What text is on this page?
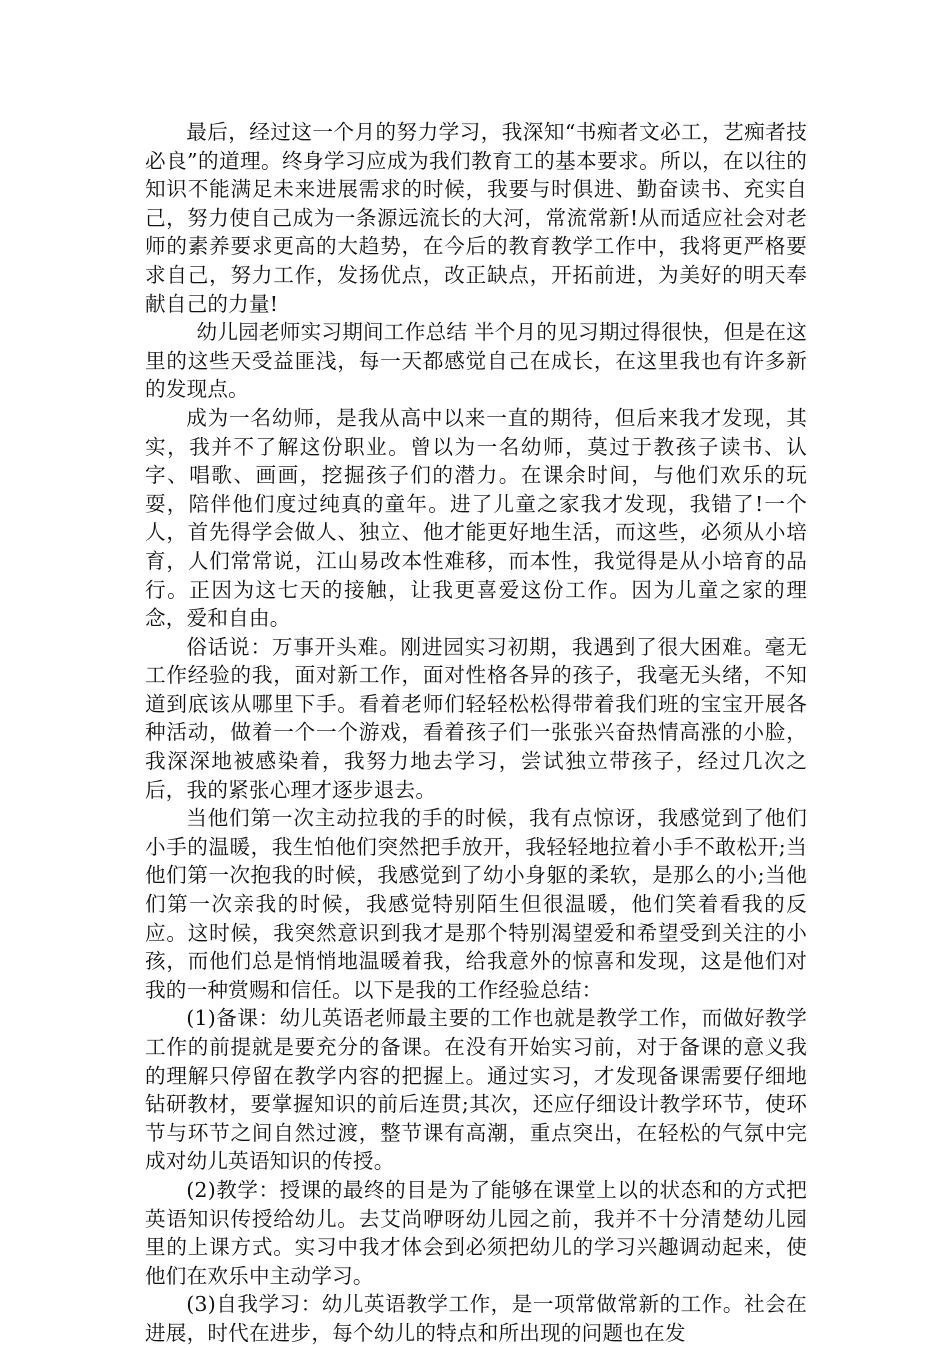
最后，经过这一个月的努力学习，我深知“书痴者文必工，艺痴者技必良”的道理。终身学习应成为我们教育工的基本要求。所以，在以往的知识不能满足未来进展需求的时候，我要与时俱进、勤奋读书、充实自己，努力使自己成为一条源远流长的大河，常流常新!从而适应社会对老师的素养要求更高的大趋势，在今后的教育教学工作中，我将更严格要求自己，努力工作，发扬优点，改正缺点，开拓前进，为美好的明天奉献自己的力量!

幼儿园老师实习期间工作总结 半个月的见习期过得很快，但是在这里的这些天受益匪浅，每一天都感觉自己在成长，在这里我也有许多新的发现点。

成为一名幼师，是我从高中以来一直的期待，但后来我才发现，其实，我并不了解这份职业。曾以为一名幼师，莫过于教孩子读书、认字、唱歌、画画，挖掘孩子们的潜力。在课余时间，与他们欢乐的玩耍，陪伴他们度过纯真的童年。进了儿童之家我才发现，我错了!一个人，首先得学会做人、独立、他才能更好地生活，而这些，必须从小培育，人们常常说，江山易改本性难移，而本性，我觉得是从小培育的品行。正因为这七天的接触，让我更喜爱这份工作。因为儿童之家的理念，爱和自由。

俗话说：万事开头难。刚进园实习初期，我遇到了很大困难。毫无工作经验的我，面对新工作，面对性格各异的孩子，我毫无头绪，不知道到底该从哪里下手。看着老师们轻轻松松得带着我们班的宝宝开展各种活动，做着一个一个游戏，看着孩子们一张张兴奋热情高涨的小脸，我深深地被感染着，我努力地去学习，尝试独立带孩子，经过几次之后，我的紧张心理才逐步退去。

当他们第一次主动拉我的手的时候，我有点惊讶，我感觉到了他们小手的温暖，我生怕他们突然把手放开，我轻轻地拉着小手不敢松开;当他们第一次抱我的时候，我感觉到了幼小身躯的柔软，是那么的小;当他们第一次亲我的时候，我感觉特别陌生但很温暖，他们笑着看我的反应。这时候，我突然意识到我才是那个特别渴望爱和希望受到关注的小孩，而他们总是悄悄地温暖着我，给我意外的惊喜和发现，这是他们对我的一种赏赐和信任。以下是我的工作经验总结：

(1)备课：幼儿英语老师最主要的工作也就是教学工作，而做好教学工作的前提就是要充分的备课。在没有开始实习前，对于备课的意义我的理解只停留在教学内容的把握上。通过实习，才发现备课需要仔细地钻研教材，要掌握知识的前后连贯;其次，还应仔细设计教学环节，使环节与环节之间自然过渡，整节课有高潮，重点突出，在轻松的气氛中完成对幼儿英语知识的传授。

(2)教学：授课的最终的目是为了能够在课堂上以的状态和的方式把英语知识传授给幼儿。去艾尚咿呀幼儿园之前，我并不十分清楚幼儿园里的上课方式。实习中我才体会到必须把幼儿的学习兴趣调动起来，使他们在欢乐中主动学习。

(3)自我学习：幼儿英语教学工作，是一项常做常新的工作。社会在进展，时代在进步，每个幼儿的特点和所出现的问题也在发
